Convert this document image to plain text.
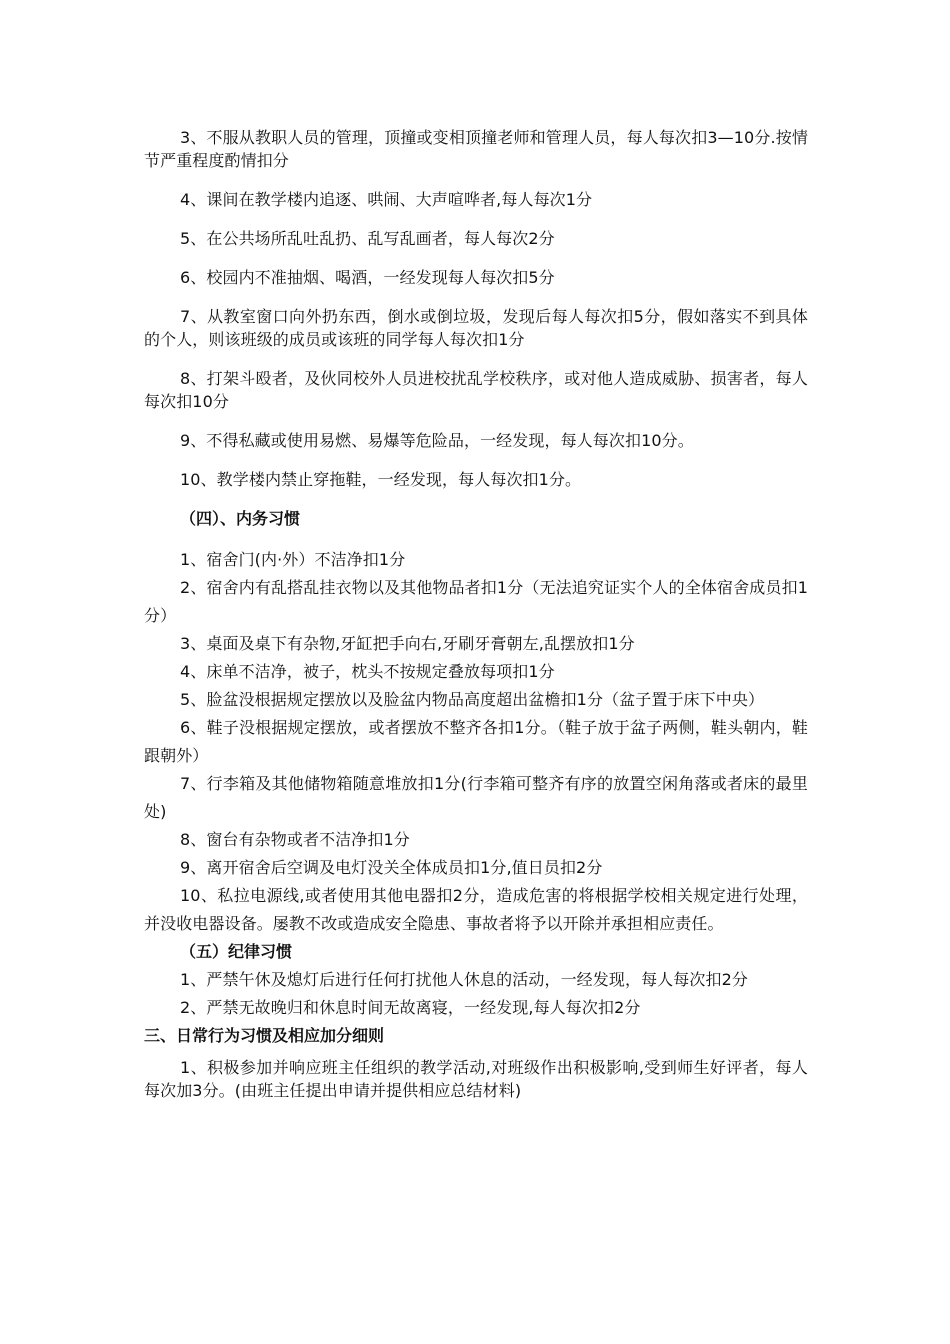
3、不服从教职人员的管理，顶撞或变相顶撞老师和管理人员，每人每次扣3—10分.按情节严重程度酌情扣分

4、课间在教学楼内追逐、哄闹、大声喧哗者,每人每次1分

5、在公共场所乱吐乱扔、乱写乱画者，每人每次2分

6、校园内不准抽烟、喝酒，一经发现每人每次扣5分

7、从教室窗口向外扔东西，倒水或倒垃圾，发现后每人每次扣5分，假如落实不到具体的个人，则该班级的成员或该班的同学每人每次扣1分

8、打架斗殴者，及伙同校外人员进校扰乱学校秩序，或对他人造成威胁、损害者，每人每次扣10分

9、不得私藏或使用易燃、易爆等危险品，一经发现，每人每次扣10分。

10、教学楼内禁止穿拖鞋，一经发现，每人每次扣1分。

（四）、内务习惯

1、宿舍门(内·外）不洁净扣1分

2、宿舍内有乱搭乱挂衣物以及其他物品者扣1分（无法追究证实个人的全体宿舍成员扣1分）

3、桌面及桌下有杂物,牙缸把手向右,牙刷牙膏朝左,乱摆放扣1分

4、床单不洁净，被子，枕头不按规定叠放每项扣1分

5、脸盆没根据规定摆放以及脸盆内物品高度超出盆檐扣1分（盆子置于床下中央）

6、鞋子没根据规定摆放，或者摆放不整齐各扣1分。（鞋子放于盆子两侧，鞋头朝内，鞋跟朝外）

7、行李箱及其他储物箱随意堆放扣1分(行李箱可整齐有序的放置空闲角落或者床的最里处)

8、窗台有杂物或者不洁净扣1分

9、离开宿舍后空调及电灯没关全体成员扣1分,值日员扣2分

10、私拉电源线,或者使用其他电器扣2分，造成危害的将根据学校相关规定进行处理，并没收电器设备。屡教不改或造成安全隐患、事故者将予以开除并承担相应责任。

（五）纪律习惯

1、严禁午休及熄灯后进行任何打扰他人休息的活动，一经发现，每人每次扣2分

2、严禁无故晚归和休息时间无故离寝，一经发现,每人每次扣2分

三、日常行为习惯及相应加分细则

1、积极参加并响应班主任组织的教学活动,对班级作出积极影响,受到师生好评者，每人每次加3分。(由班主任提出申请并提供相应总结材料)
